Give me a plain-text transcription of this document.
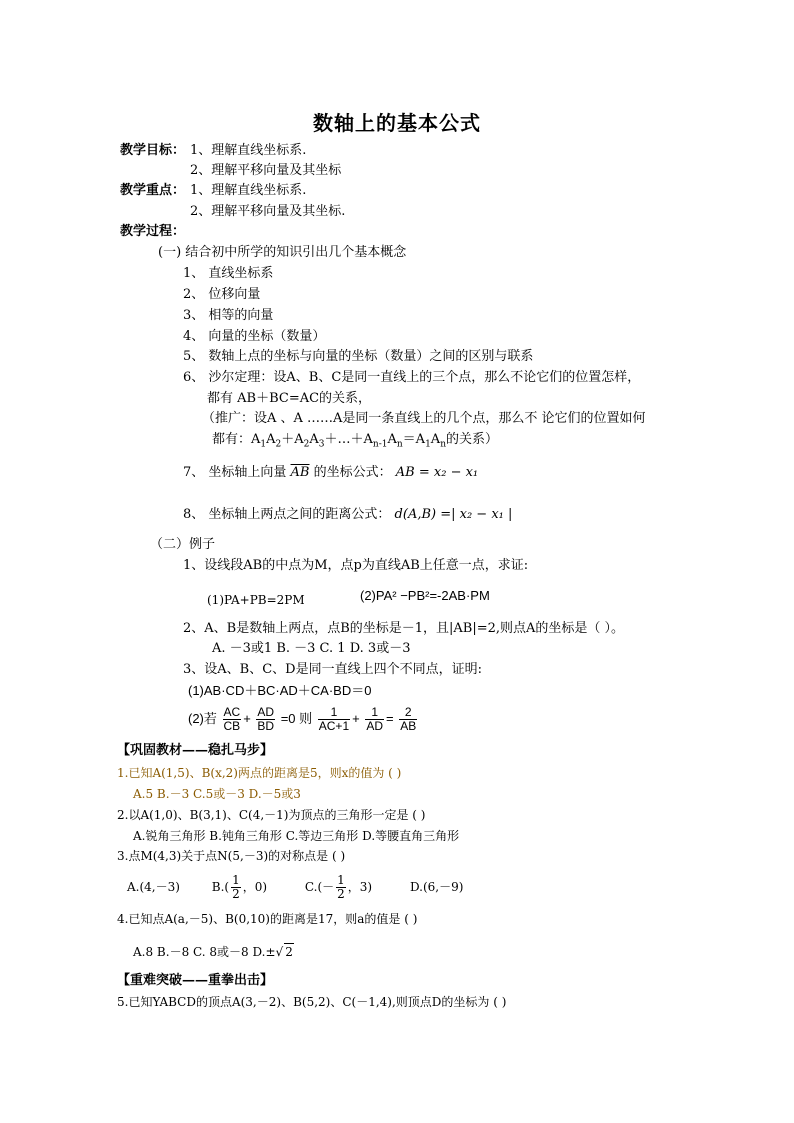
数轴上的基本公式
教学目标： 1、理解直线坐标系.
2、理解平移向量及其坐标
教学重点： 1、理解直线坐标系.
2、理解平移向量及其坐标.
教学过程：
(一) 结合初中所学的知识引出几个基本概念
1、 直线坐标系
2、 位移向量
3、 相等的向量
4、 向量的坐标（数量）
5、 数轴上点的坐标与向量的坐标（数量）之间的区别与联系
6、 沙尔定理：设A、B、C是同一直线上的三个点，那么不论它们的位置怎样，
都有 AB＋BC=AC的关系，
（推广：设A 、A ……A是同一条直线上的几个点，那么不 论它们的位置如何
都有：$A_1A_2+A_2A_3+\dots+A_{n-1}A_n=A_1A_n$的关系）
7、 坐标轴上向量 $\overline{AB}$ 的坐标公式： AB = x₂ − x₁
8、 坐标轴上两点之间的距离公式： d(A,B) =| x₂ − x₁ |
（二）例子
1、设线段AB的中点为M，点p为直线AB上任意一点，求证:
(1)PA+PB=2PM	(2)PA² −PB²=-2AB·PM
2、A、B是数轴上两点，点B的坐标是－1，且|AB|=2,则点A的坐标是（ ）。
A. －3或1 B. －3 C. 1 D. 3或－3
3、设A、B、C、D是同一直线上四个不同点，证明:
(1)AB·CD＋BC·AD＋CA·BD＝0
(2)若 $\frac{AC}{CB} + \frac{AD}{BD} =0$ 则 $\frac{1}{AC+1} + \frac{1}{AD} = \frac{2}{AB}$
【巩固教材——稳扎马步】
1.已知A(1,5)、B(x,2)两点的距离是5，则x的值为 ( )
A.5 B.－3 C.5或－3 D.－5或3
2.以A(1,0)、B(3,1)、C(4,－1)为顶点的三角形一定是 ( )
A.锐角三角形 B.钝角三角形 C.等边三角形 D.等腰直角三角形
3.点M(4,3)关于点N(5,－3)的对称点是 ( )
A.(4,－3)	$B.( \frac{1}{2}$ ，0)	$C.(- \frac{1}{2}$ ，3)	D.(6,－9)
4.已知点A(a,－5)、B(0,10)的距离是17，则a的值是 ( )
A.8 B.－8 C. 8或－8 D.±√ 2
【重难突破——重拳出击】
5.已知YABCD的顶点A(3,－2)、B(5,2)、C(－1,4),则顶点D的坐标为 ( )
